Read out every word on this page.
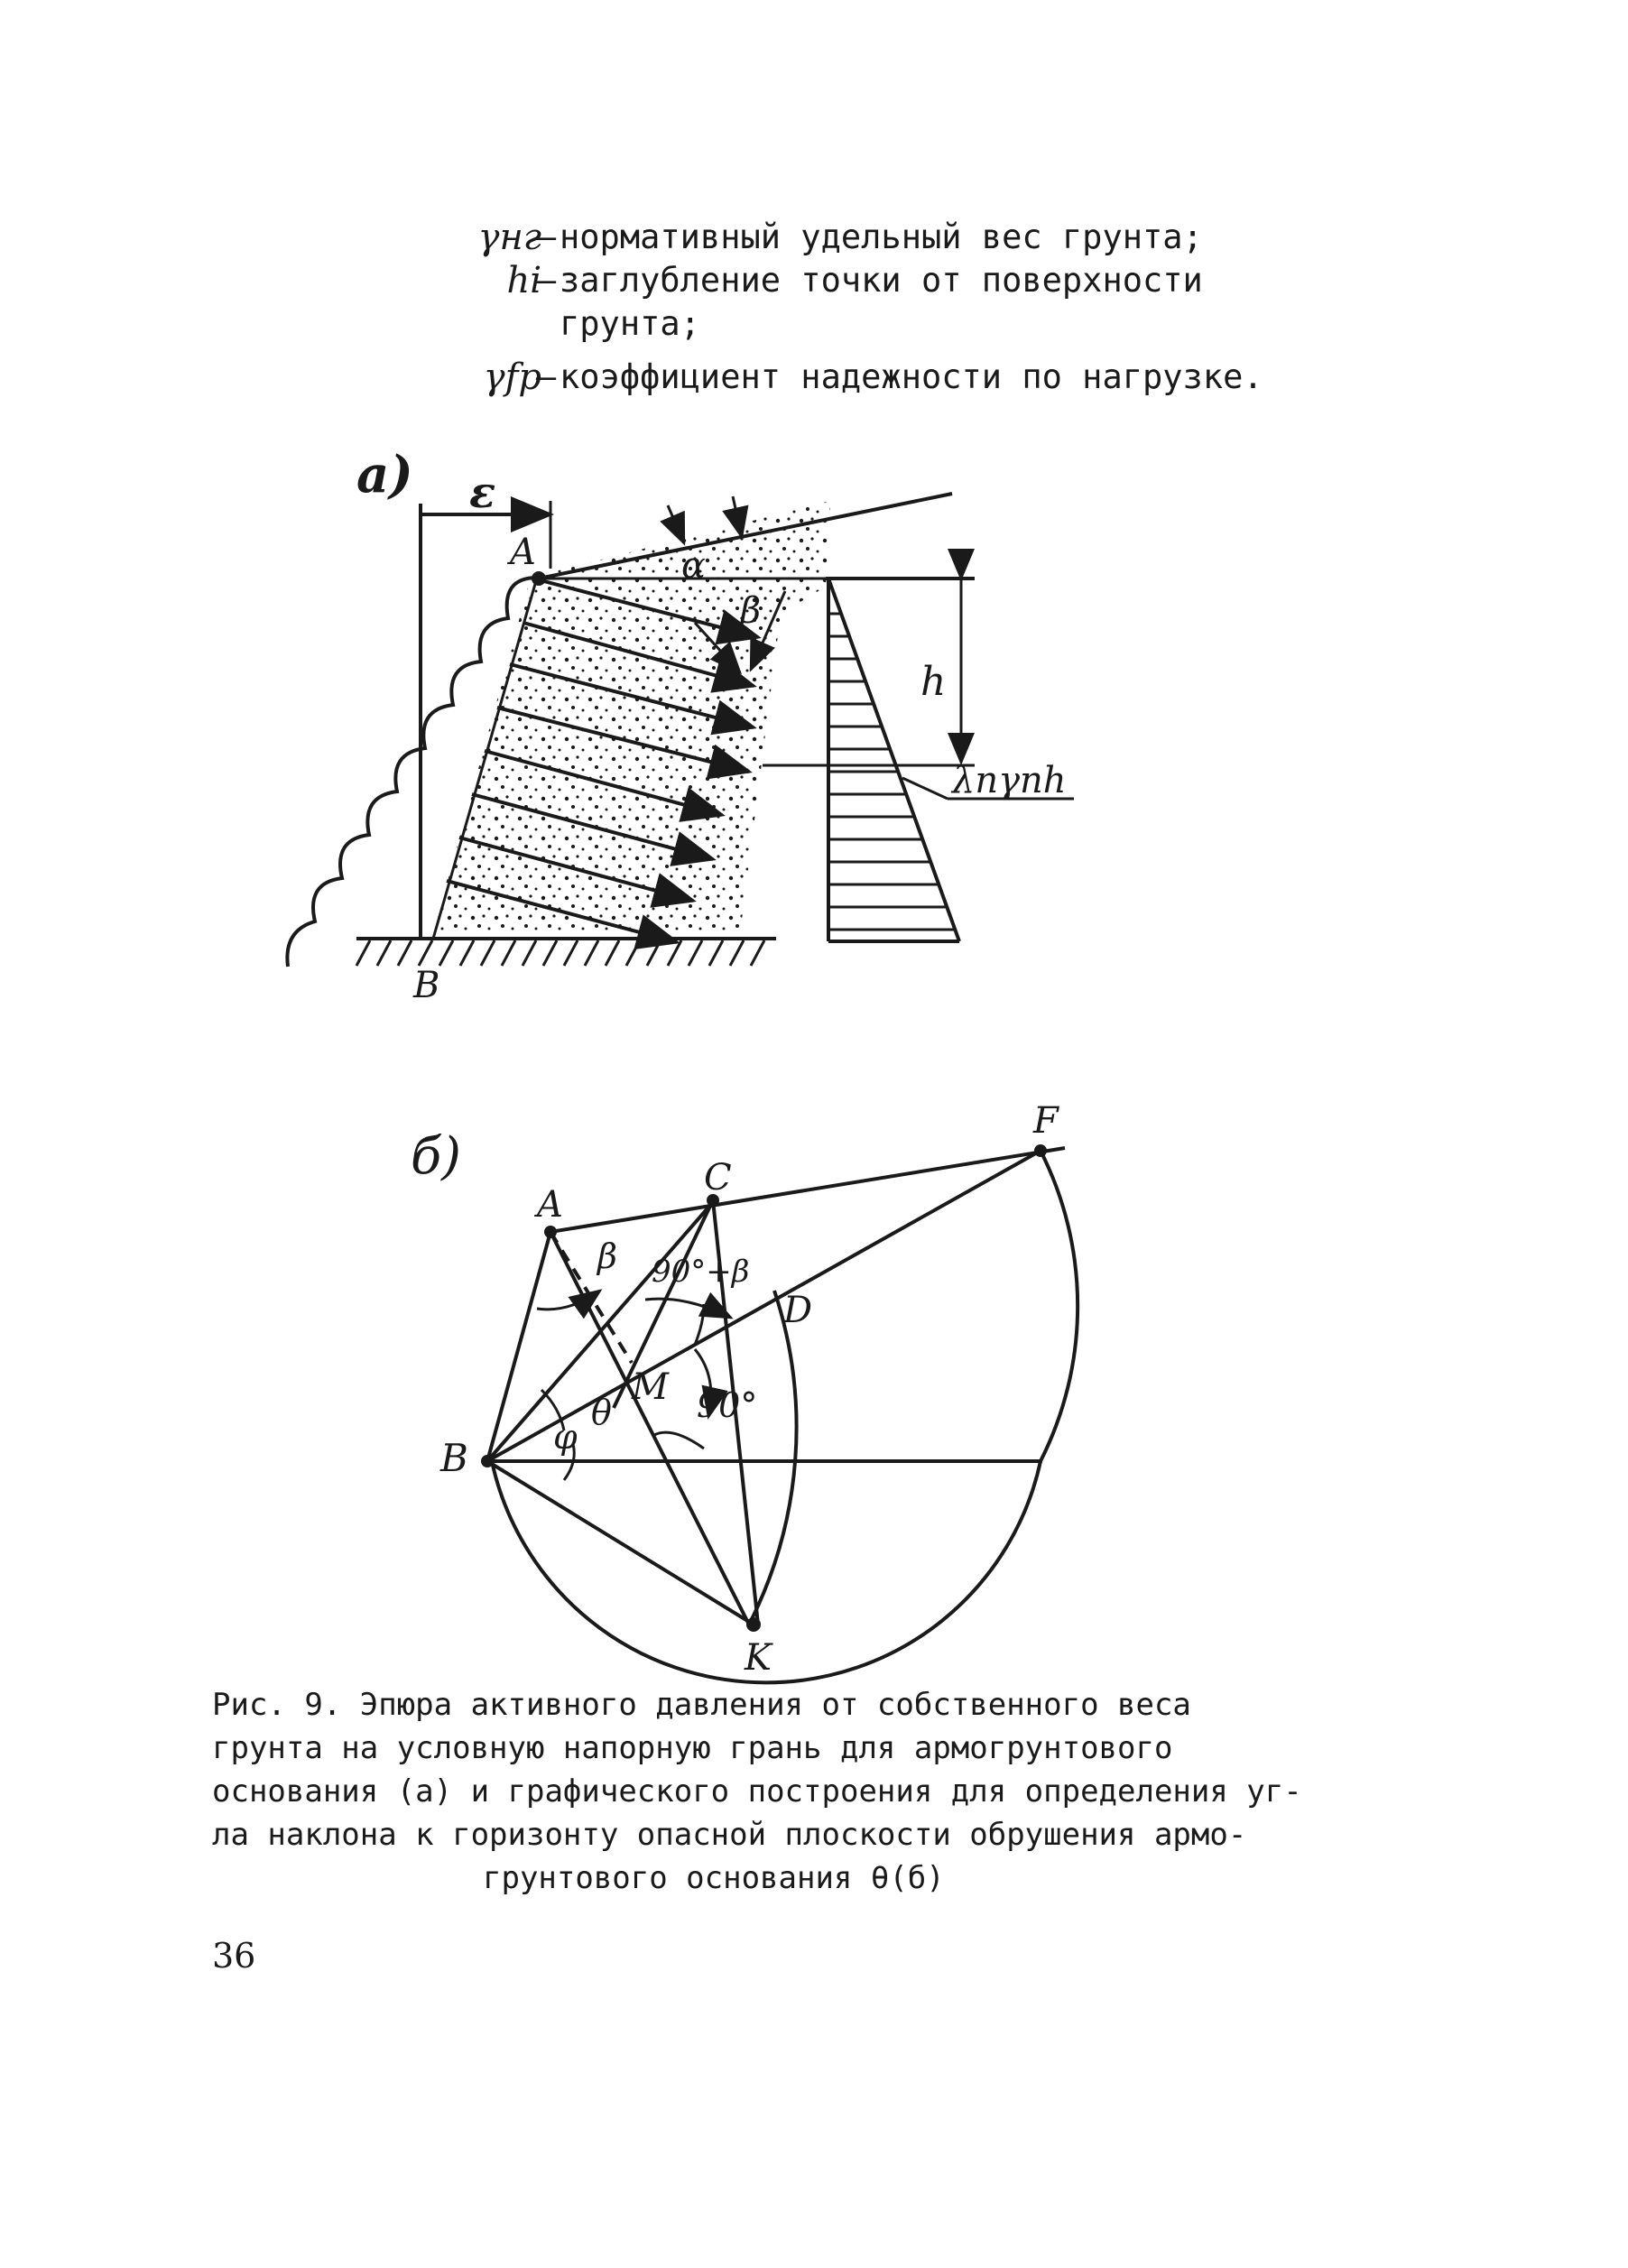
γнг
– нормативный удельный вес грунта;
hi
– заглубление точки от поверхности
грунта;
γfp
– коэффициент надежности по нагрузке.
а) ε
A	α
β
h
λnγnh
B
б)
A
C
F
D
M
B
K
β 90°+β
θ
φ
90°
Рис. 9. Эпюра активного давления от собственного веса
грунта на условную напорную грань для армогрунтового
основания (а) и графического построения для определения уг-
ла наклона к горизонту опасной плоскости обрушения армо-
грунтового основания θ(б)
36
